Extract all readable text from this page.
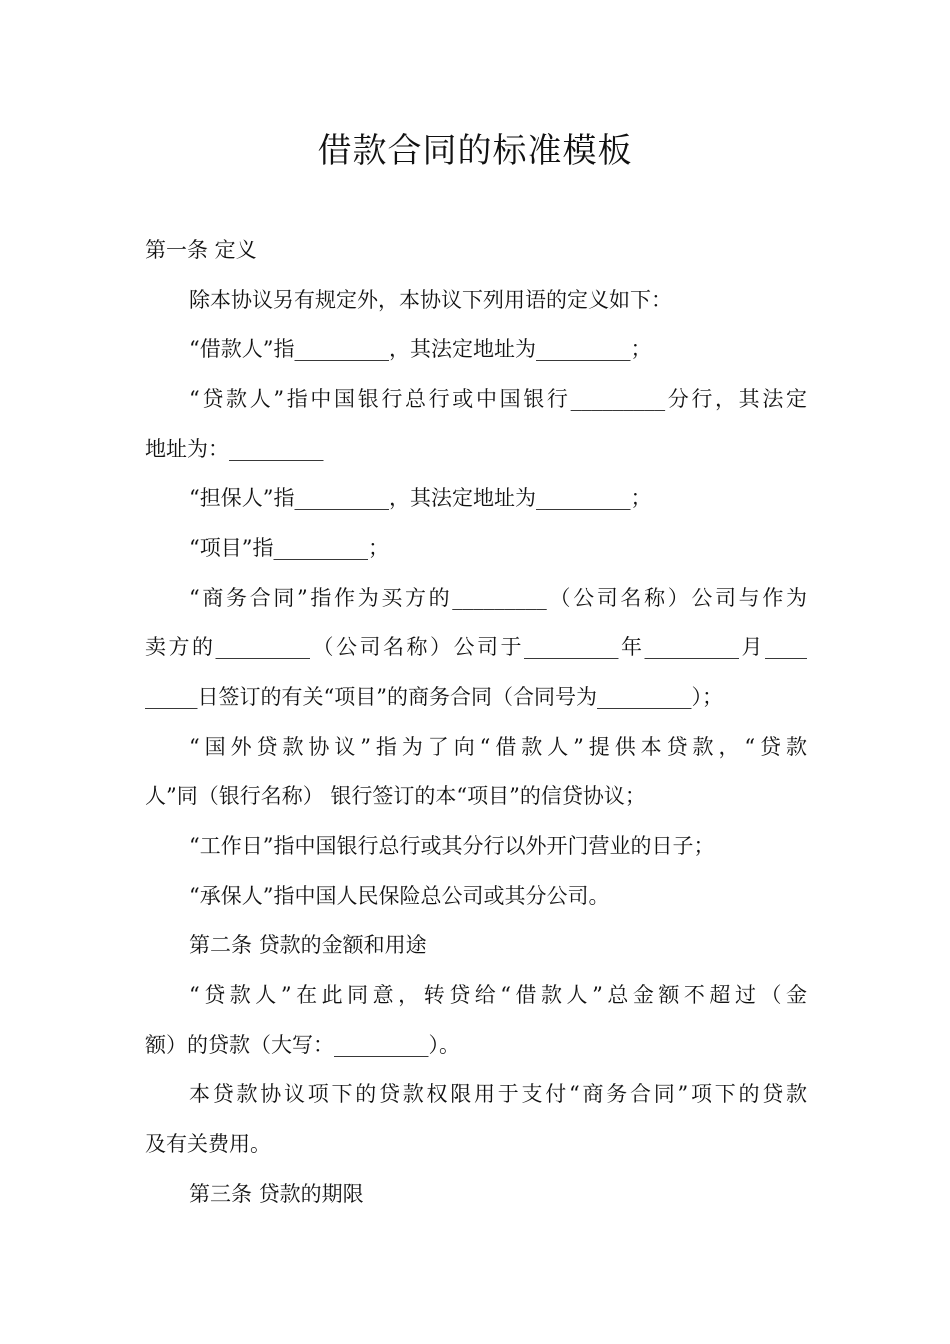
借款合同的标准模板
第一条 定义
除本协议另有规定外，本协议下列用语的定义如下：
“借款人”指_________，其法定地址为_________；
“贷款人”指中国银行总行或中国银行_________分行，其法定
地址为：_________
“担保人”指_________，其法定地址为_________；
“项目”指_________；
“商务合同”指作为买方的_________（公司名称）公司与作为
卖方的_________（公司名称）公司于_________年_________月____
_____日签订的有关“项目”的商务合同（合同号为_________）；
“国外贷款协议”指为了向“借款人”提供本贷款，“贷款
人”同（银行名称） 银行签订的本“项目”的信贷协议；
“工作日”指中国银行总行或其分行以外开门营业的日子；
“承保人”指中国人民保险总公司或其分公司。
第二条 贷款的金额和用途
“贷款人”在此同意，转贷给“借款人”总金额不超过（金
额）的贷款（大写：_________）。
本贷款协议项下的贷款权限用于支付“商务合同”项下的贷款
及有关费用。
第三条 贷款的期限
